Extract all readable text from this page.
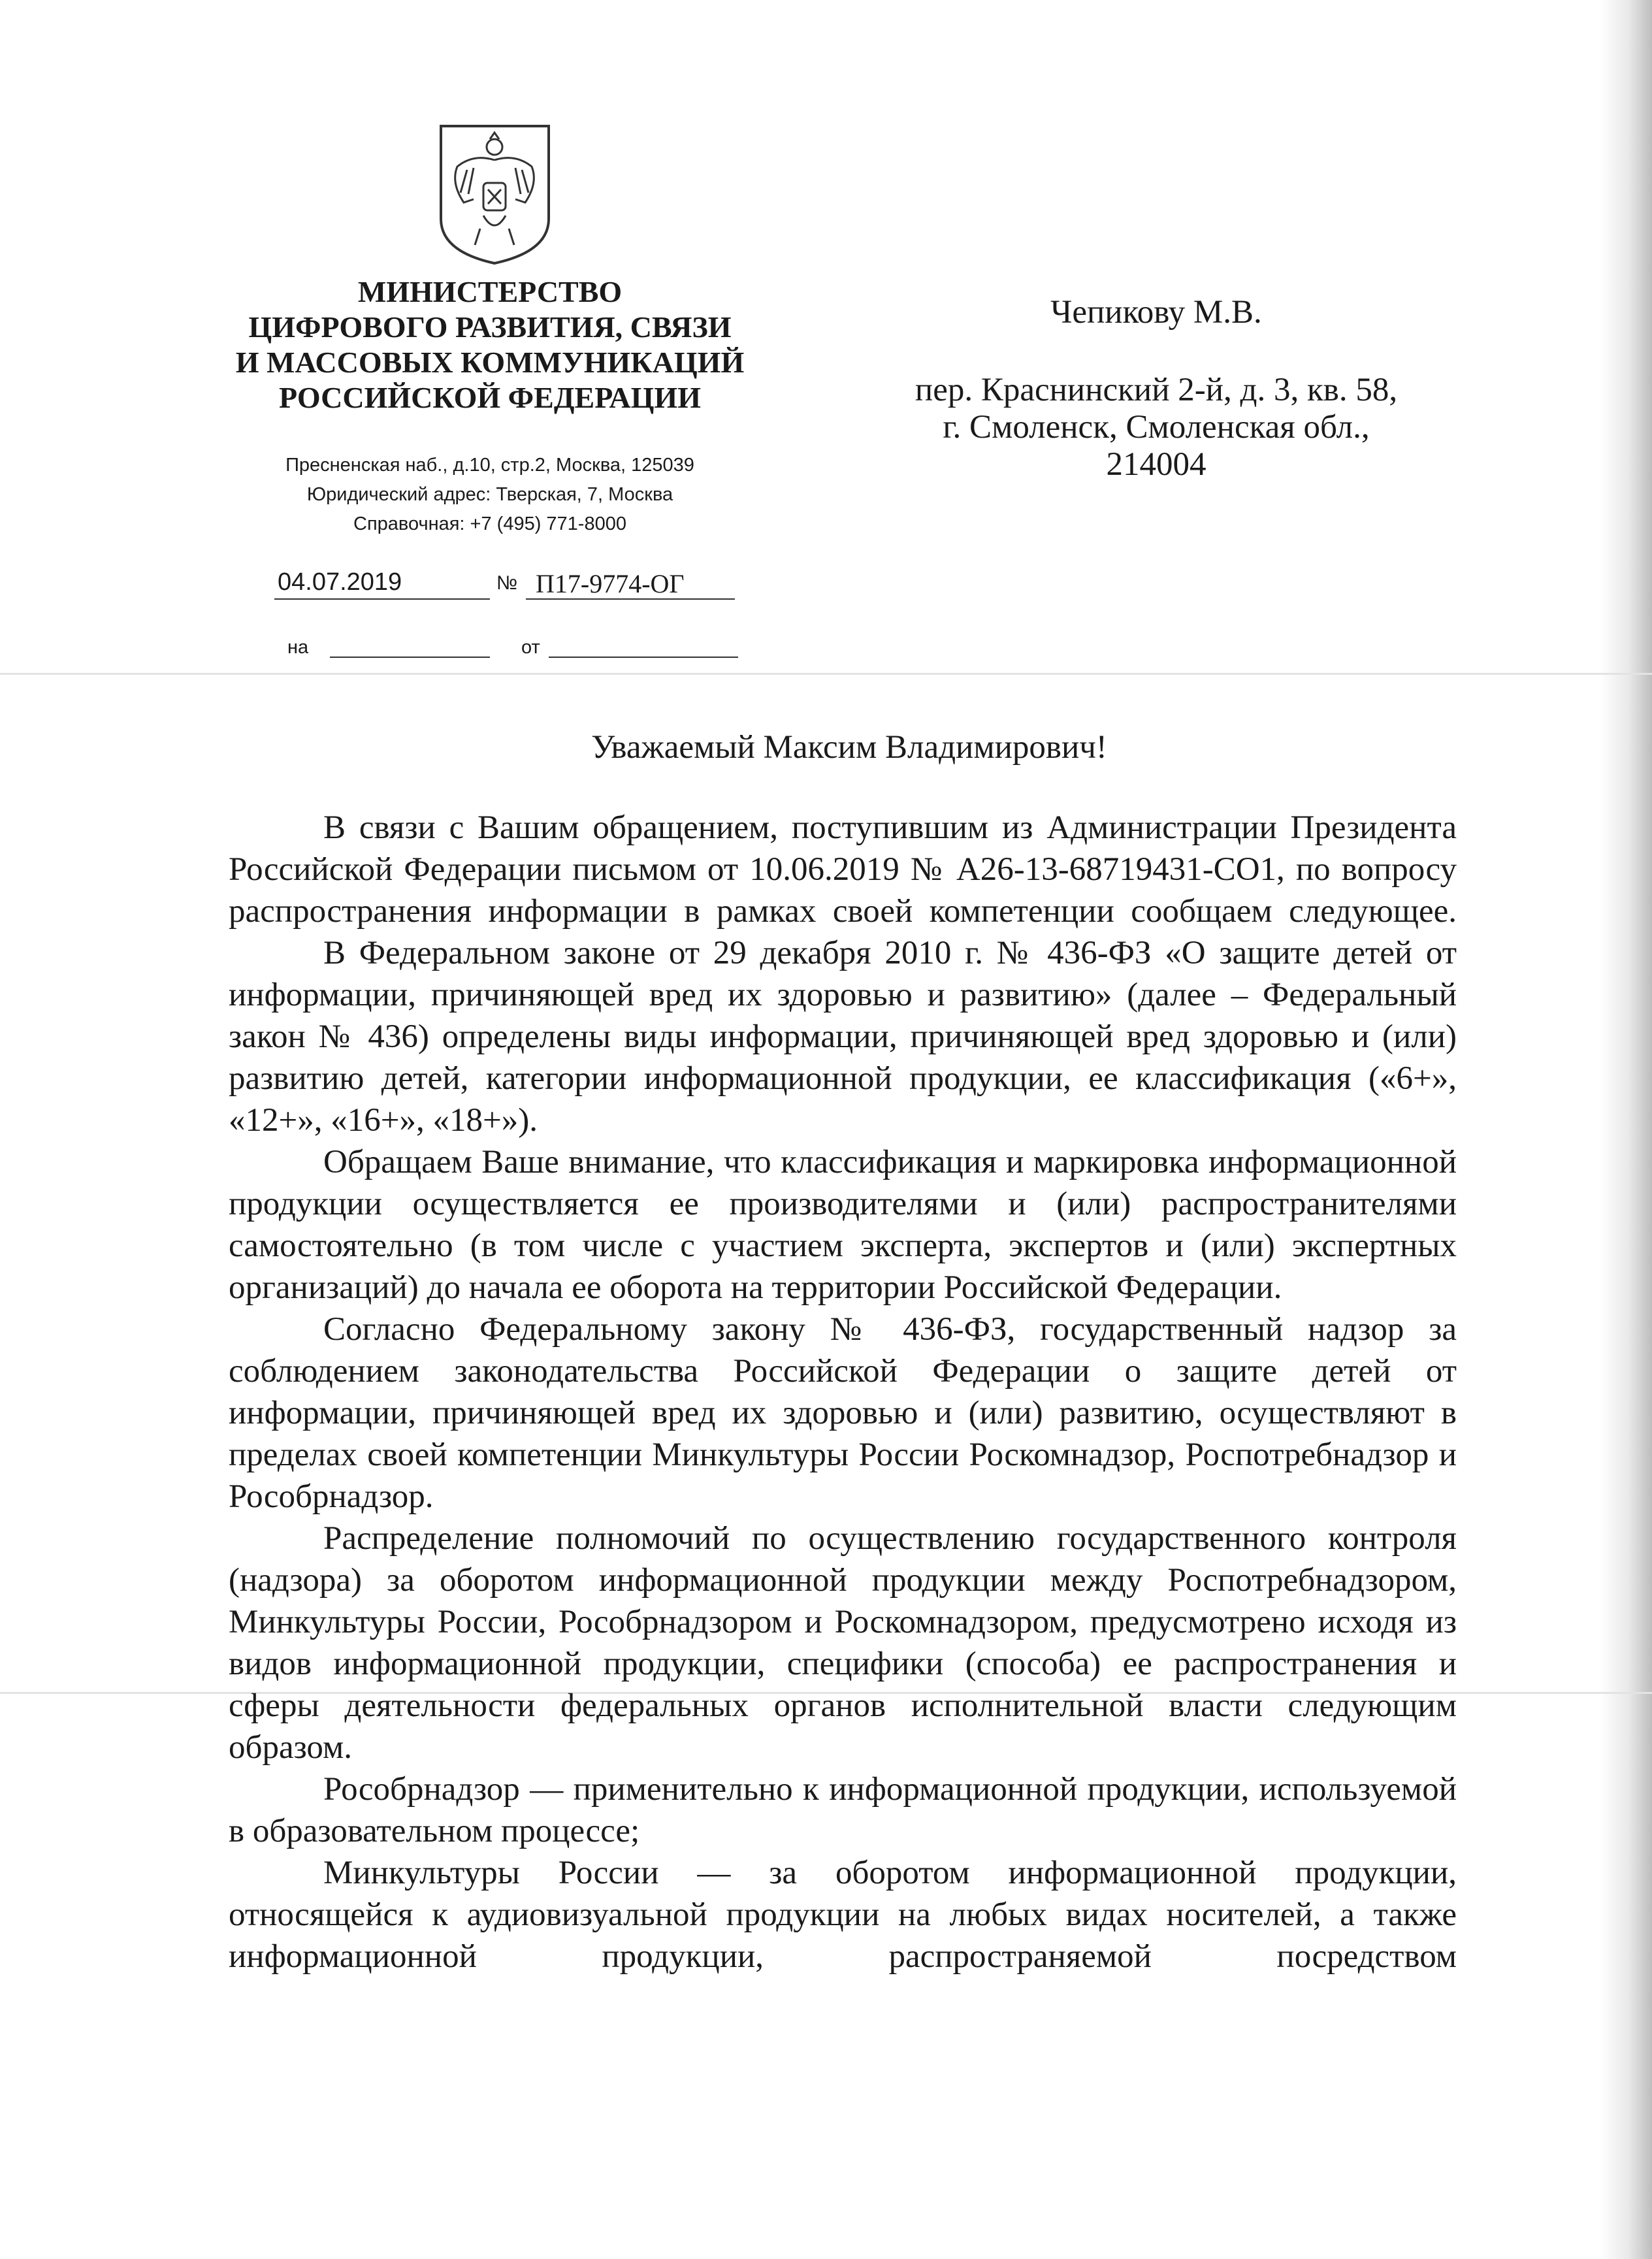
МИНИСТЕРСТВО
ЦИФРОВОГО РАЗВИТИЯ, СВЯЗИ
И МАССОВЫХ КОММУНИКАЦИЙ
РОССИЙСКОЙ ФЕДЕРАЦИИ
Пресненская наб., д.10, стр.2, Москва, 125039
Юридический адрес: Тверская, 7, Москва
Справочная: +7 (495) 771-8000
04.07.2019	№ П17-9774-ОГ
на	от
Чепикову М.В.
пер. Краснинский 2-й, д. 3, кв. 58,
г. Смоленск, Смоленская обл.,
214004
Уважаемый Максим Владимирович!

В связи с Вашим обращением, поступившим из Администрации Президента Российской Федерации письмом от 10.06.2019 № А26-13-68719431-СО1, по вопросу распространения информации в рамках своей компетенции сообщаем следующее.

В Федеральном законе от 29 декабря 2010 г. № 436-ФЗ «О защите детей от информации, причиняющей вред их здоровью и развитию» (далее – Федеральный закон № 436) определены виды информации, причиняющей вред здоровью и (или) развитию детей, категории информационной продукции, ее классификация («6+», «12+», «16+», «18+»).

Обращаем Ваше внимание, что классификация и маркировка информационной продукции осуществляется ее производителями и (или) распространителями самостоятельно (в том числе с участием эксперта, экспертов и (или) экспертных организаций) до начала ее оборота на территории Российской Федерации.

Согласно Федеральному закону № 436-ФЗ, государственный надзор за соблюдением законодательства Российской Федерации о защите детей от информации, причиняющей вред их здоровью и (или) развитию, осуществляют в пределах своей компетенции Минкультуры России Роскомнадзор, Роспотребнадзор и Рособрнадзор.

Распределение полномочий по осуществлению государственного контроля (надзора) за оборотом информационной продукции между Роспотребнадзором, Минкультуры России, Рособрнадзором и Роскомнадзором, предусмотрено исходя из видов информационной продукции, специфики (способа) ее распространения и сферы деятельности федеральных органов исполнительной власти следующим образом.

Рособрнадзор — применительно к информационной продукции, используемой в образовательном процессе;

Минкультуры России — за оборотом информационной продукции, относящейся к аудиовизуальной продукции на любых видах носителей, а также информационной продукции, распространяемой посредством
